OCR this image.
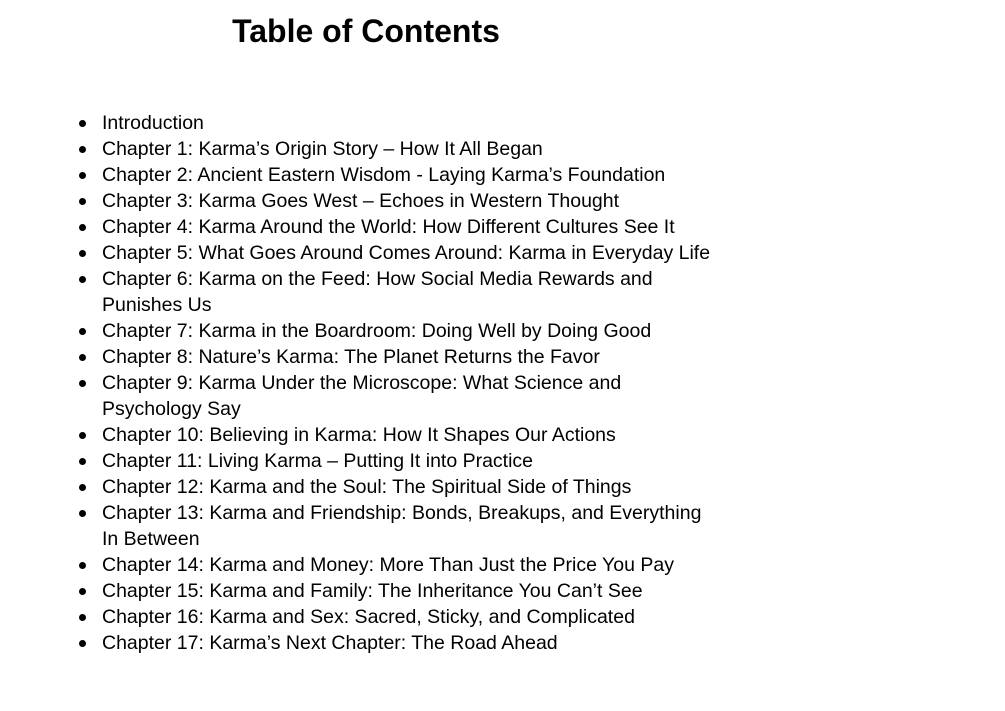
Table of Contents
Introduction
Chapter 1: Karma’s Origin Story – How It All Began
Chapter 2: Ancient Eastern Wisdom - Laying Karma’s Foundation
Chapter 3: Karma Goes West – Echoes in Western Thought
Chapter 4: Karma Around the World: How Different Cultures See It
Chapter 5: What Goes Around Comes Around: Karma in Everyday Life
Chapter 6: Karma on the Feed: How Social Media Rewards and Punishes Us
Chapter 7: Karma in the Boardroom: Doing Well by Doing Good
Chapter 8: Nature’s Karma: The Planet Returns the Favor
Chapter 9: Karma Under the Microscope: What Science and Psychology Say
Chapter 10: Believing in Karma: How It Shapes Our Actions
Chapter 11: Living Karma – Putting It into Practice
Chapter 12: Karma and the Soul: The Spiritual Side of Things
Chapter 13: Karma and Friendship: Bonds, Breakups, and Everything In Between
Chapter 14: Karma and Money: More Than Just the Price You Pay
Chapter 15: Karma and Family: The Inheritance You Can’t See
Chapter 16: Karma and Sex: Sacred, Sticky, and Complicated
Chapter 17: Karma’s Next Chapter: The Road Ahead
